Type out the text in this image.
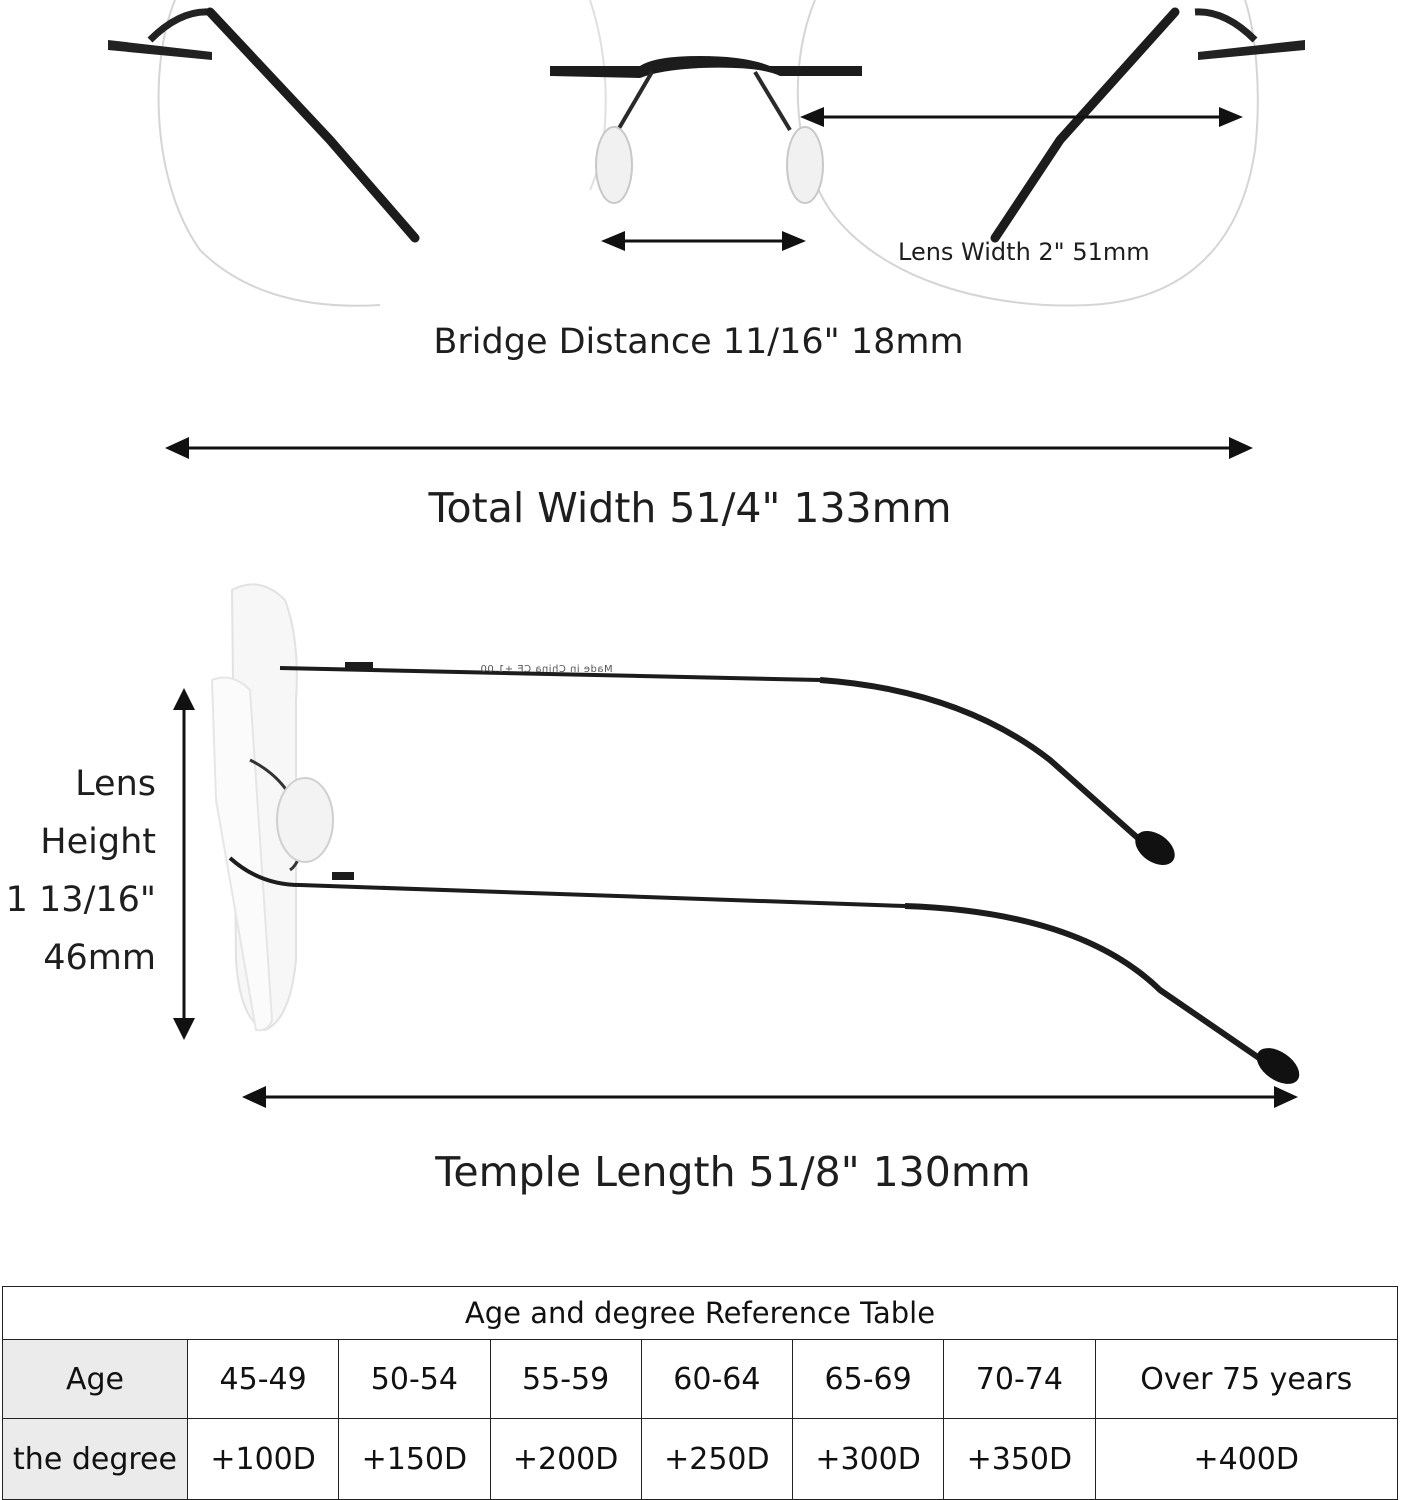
Lens Width 2" 51mm
Bridge Distance 11/16" 18mm
Total Width 51/4" 133mm
Made in China CE +1.00
Lens
Height
1 13/16"
46mm
Temple Length 51/8" 130mm
Age and degree Reference Table							
Age	45-49	50-54	55-59	60-64	65-69	70-74	Over 75 years
the degree	+100D	+150D	+200D	+250D	+300D	+350D	+400D
